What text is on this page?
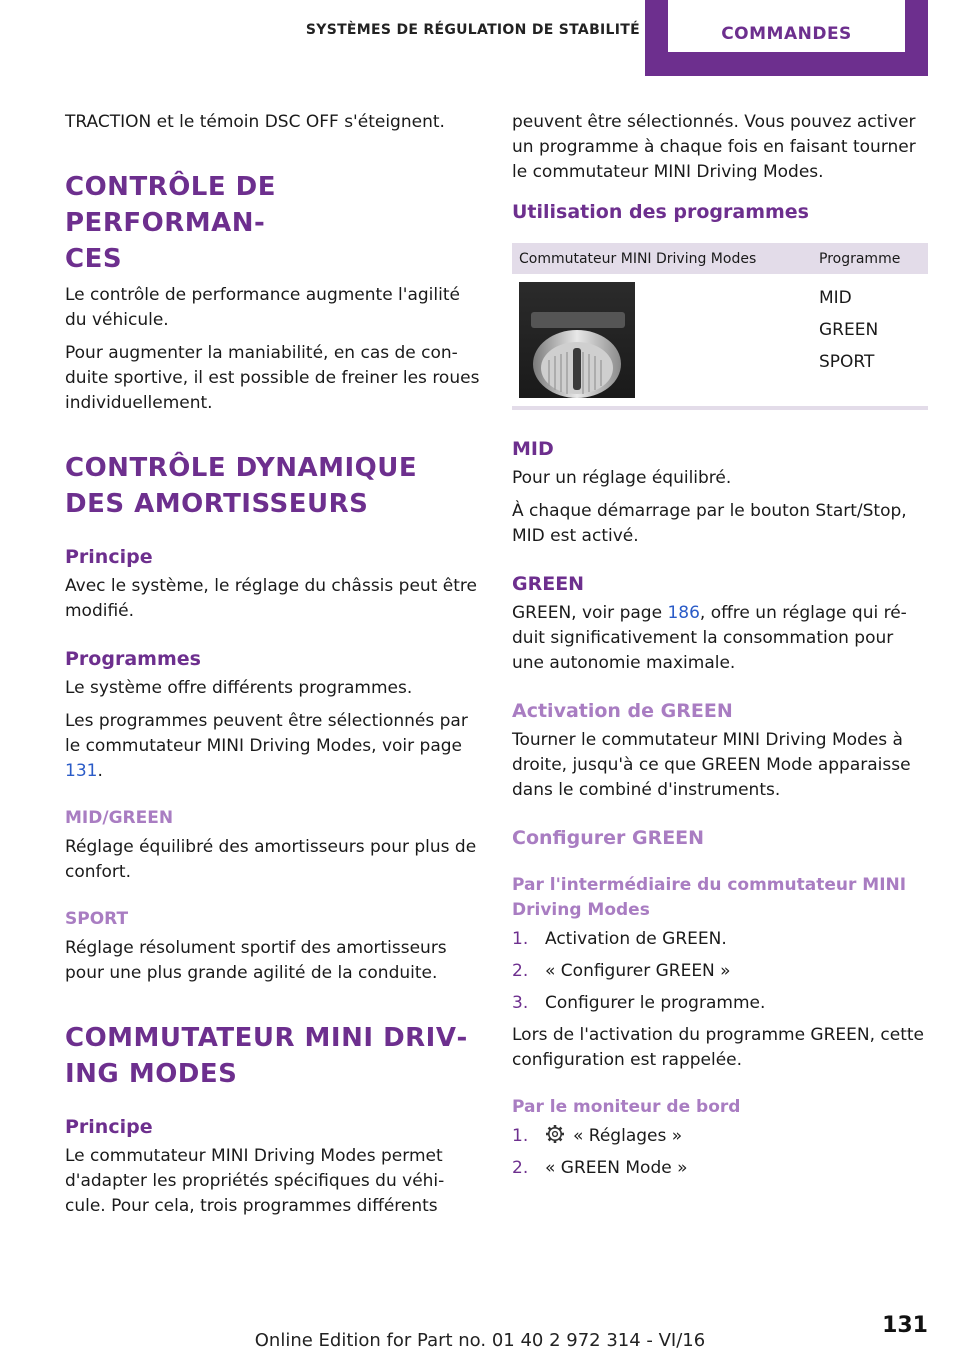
SYSTÈMES DE RÉGULATION DE STABILITÉ	COMMANDES

TRACTION et le témoin DSC OFF s'éteignent.

CONTRÔLE DE PERFORMAN‐
CES

Le contrôle de performance augmente l'agilité du véhicule.

Pour augmenter la maniabilité, en cas de con‐ duite sportive, il est possible de freiner les roues individuellement.

CONTRÔLE DYNAMIQUE DES AMORTISSEURS
Principe

Avec le système, le réglage du châssis peut être modifié.

Programmes

Le système offre différents programmes.

Les programmes peuvent être sélectionnés par le commutateur MINI Driving Modes, voir page 131.

MID/GREEN

Réglage équilibré des amortisseurs pour plus de confort.

SPORT

Réglage résolument sportif des amortisseurs pour une plus grande agilité de la conduite.

COMMUTATEUR MINI DRIV‐
ING MODES
Principe

Le commutateur MINI Driving Modes permet d'adapter les propriétés spécifiques du véhi‐ cule. Pour cela, trois programmes différents

peuvent être sélectionnés. Vous pouvez activer un programme à chaque fois en faisant tourner le commutateur MINI Driving Modes.

Utilisation des programmes
Commutateur MINI Driving Modes	Programme

MID
GREEN
SPORT
MID

Pour un réglage équilibré.

À chaque démarrage par le bouton Start/Stop, MID est activé.

GREEN

GREEN, voir page 186, offre un réglage qui ré‐ duit significativement la consommation pour une autonomie maximale.

Activation de GREEN

Tourner le commutateur MINI Driving Modes à droite, jusqu'à ce que GREEN Mode apparaisse dans le combiné d'instruments.

Configurer GREEN
Par l'intermédiaire du commutateur MINI Driving Modes
1. Activation de GREEN.
2. « Configurer GREEN »
3. Configurer le programme.

Lors de l'activation du programme GREEN, cette configuration est rappelée.

Par le moniteur de bord
1.	« Réglages »
2. « GREEN Mode »
131
Online Edition for Part no. 01 40 2 972 314 - VI/16
